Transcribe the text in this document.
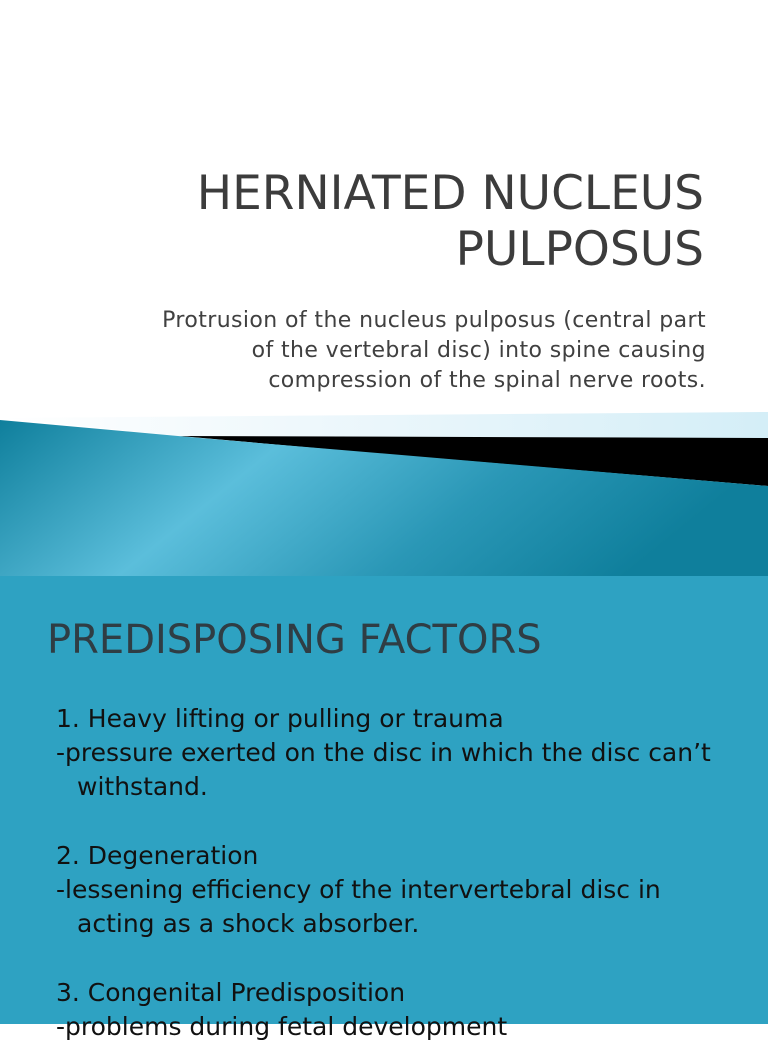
HERNIATED NUCLEUS
PULPOSUS

Protrusion of the nucleus pulposus (central part
of the vertebral disc) into spine causing
compression of the spinal nerve roots.

PREDISPOSING FACTORS
1. Heavy lifting or pulling or trauma
-pressure exerted on the disc in which the disc can’t withstand.
2. Degeneration
-lessening efficiency of the intervertebral disc in acting as a shock absorber.
3. Congenital Predisposition
-problems during fetal development
